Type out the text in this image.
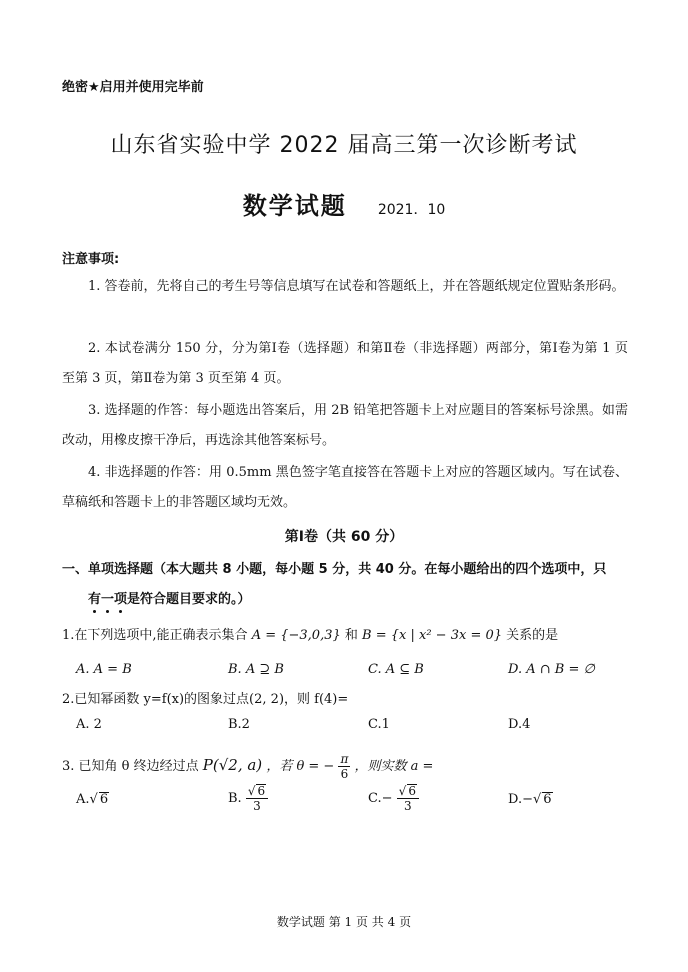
绝密★启用并使用完毕前
山东省实验中学 2022 届高三第一次诊断考试
数学试题 2021．10
注意事项:
1. 答卷前，先将自己的考生号等信息填写在试卷和答题纸上，并在答题纸规定位置贴条形码。
2. 本试卷满分 150 分，分为第Ⅰ卷（选择题）和第Ⅱ卷（非选择题）两部分，第Ⅰ卷为第 1 页至第 3 页，第Ⅱ卷为第 3 页至第 4 页。
3. 选择题的作答：每小题选出答案后，用 2B 铅笔把答题卡上对应题目的答案标号涂黑。如需改动，用橡皮擦干净后，再选涂其他答案标号。
4. 非选择题的作答：用 0.5mm 黑色签字笔直接答在答题卡上对应的答题区域内。写在试卷、草稿纸和答题卡上的非答题区域均无效。
第Ⅰ卷（共 60 分）
一、单项选择题（本大题共 8 小题，每小题 5 分，共 40 分。在每小题给出的四个选项中，只
有一项是符合题目要求的。）
1.在下列选项中,能正确表示集合 A = {−3,0,3} 和 B = {x | x² − 3x = 0} 关系的是
A. A = B	B. A ⊇ B	C. A ⊆ B	D. A ∩ B = ∅
2.已知幂函数 y=f(x)的图象过点(2, 2)，则 f(4)=
A. 2	B.2	C.1	D.4
3. 已知角 θ 终边经过点 P(√2, a) ，若 θ = − $\frac{\pi}{6}$ ，则实数 a =
A.√ 6	B. $\frac{√ 6}{3}$	$C.- \frac{√ 6}{3}$	D.−√ 6
数学试题 第 1 页 共 4 页
